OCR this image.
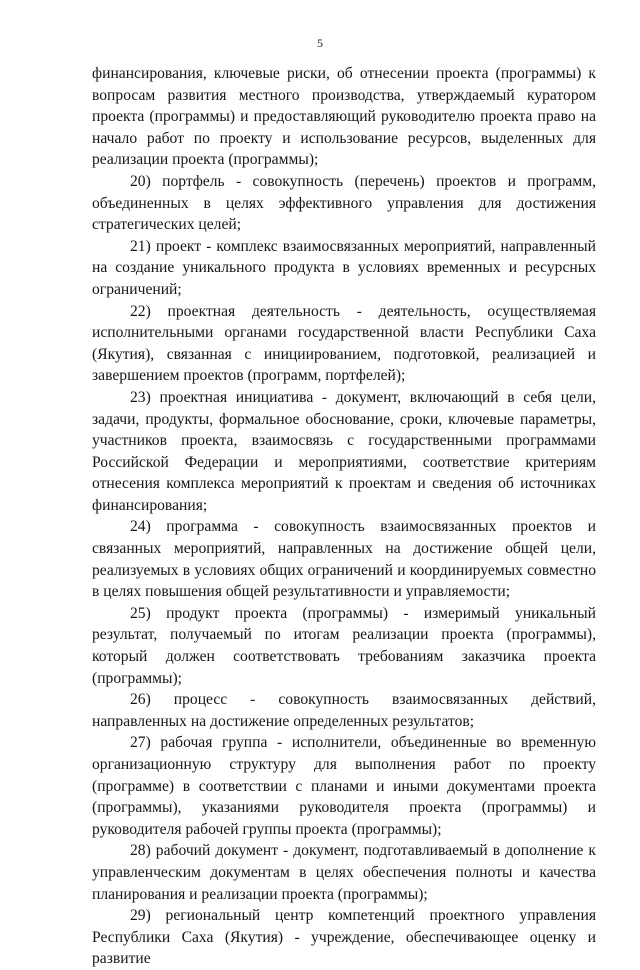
5

финансирования, ключевые риски, об отнесении проекта (программы) к вопросам развития местного производства, утверждаемый куратором проекта (программы) и предоставляющий руководителю проекта право на начало работ по проекту и использование ресурсов, выделенных для реализации проекта (программы);

20) портфель - совокупность (перечень) проектов и программ, объединенных в целях эффективного управления для достижения стратегических целей;

21) проект - комплекс взаимосвязанных мероприятий, направленный на создание уникального продукта в условиях временных и ресурсных ограничений;

22) проектная деятельность - деятельность, осуществляемая исполнительными органами государственной власти Республики Саха (Якутия), связанная с инициированием, подготовкой, реализацией и завершением проектов (программ, портфелей);

23) проектная инициатива - документ, включающий в себя цели, задачи, продукты, формальное обоснование, сроки, ключевые параметры, участников проекта, взаимосвязь с государственными программами Российской Федерации и мероприятиями, соответствие критериям отнесения комплекса мероприятий к проектам и сведения об источниках финансирования;

24) программа - совокупность взаимосвязанных проектов и связанных мероприятий, направленных на достижение общей цели, реализуемых в условиях общих ограничений и координируемых совместно в целях повышения общей результативности и управляемости;

25) продукт проекта (программы) - измеримый уникальный результат, получаемый по итогам реализации проекта (программы), который должен соответствовать требованиям заказчика проекта (программы);

26) процесс - совокупность взаимосвязанных действий, направленных на достижение определенных результатов;

27) рабочая группа - исполнители, объединенные во временную организационную структуру для выполнения работ по проекту (программе) в соответствии с планами и иными документами проекта (программы), указаниями руководителя проекта (программы) и руководителя рабочей группы проекта (программы);

28) рабочий документ - документ, подготавливаемый в дополнение к управленческим документам в целях обеспечения полноты и качества планирования и реализации проекта (программы);

29) региональный центр компетенций проектного управления Республики Саха (Якутия) - учреждение, обеспечивающее оценку и развитие
